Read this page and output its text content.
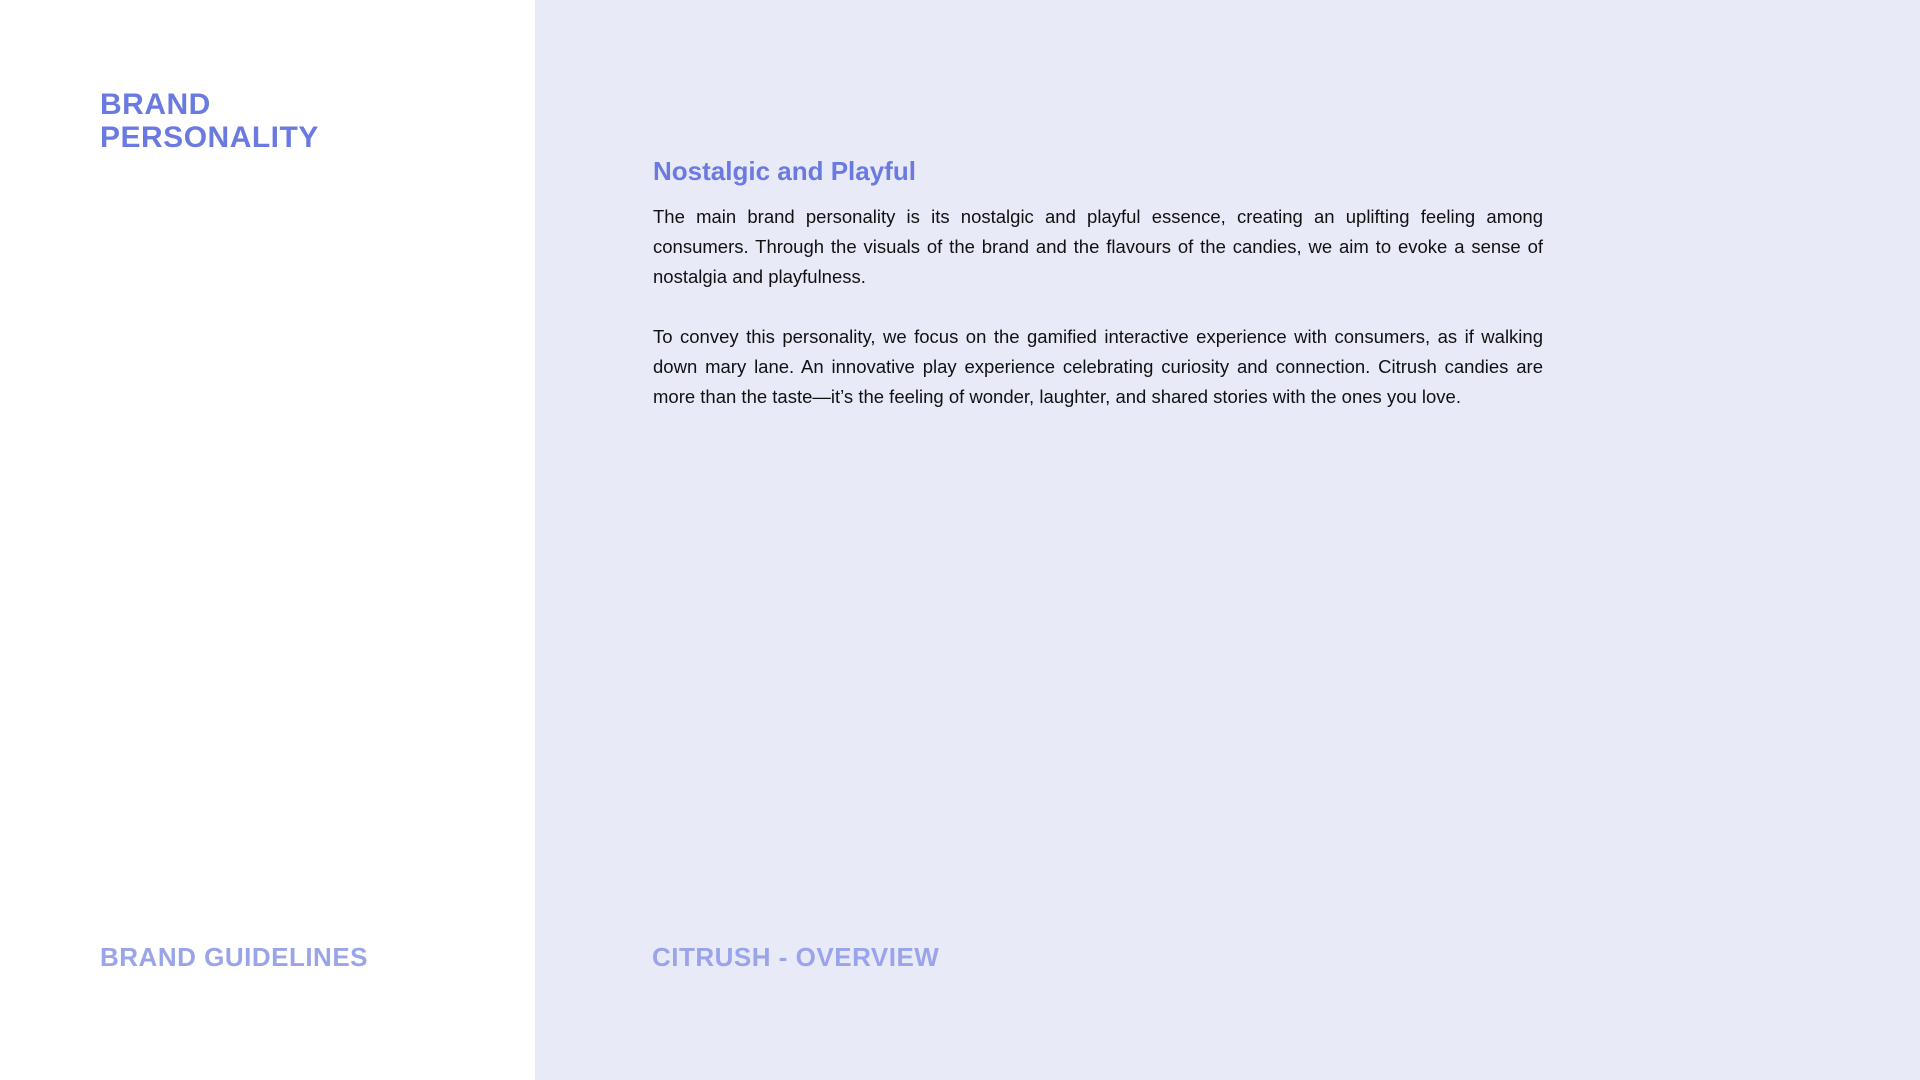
BRAND
PERSONALITY
BRAND GUIDELINES
Nostalgic and Playful

The main brand personality is its nostalgic and playful essence, creating an uplifting feeling among consumers. Through the visuals of the brand and the flavours of the candies, we aim to evoke a sense of nostalgia and playfulness.

To convey this personality, we focus on the gamified interactive experience with consumers, as if walking down mary lane. An innovative play experience celebrating curiosity and connection. Citrush candies are more than the taste—it’s the feeling of wonder, laughter, and shared stories with the ones you love.

CITRUSH - OVERVIEW
